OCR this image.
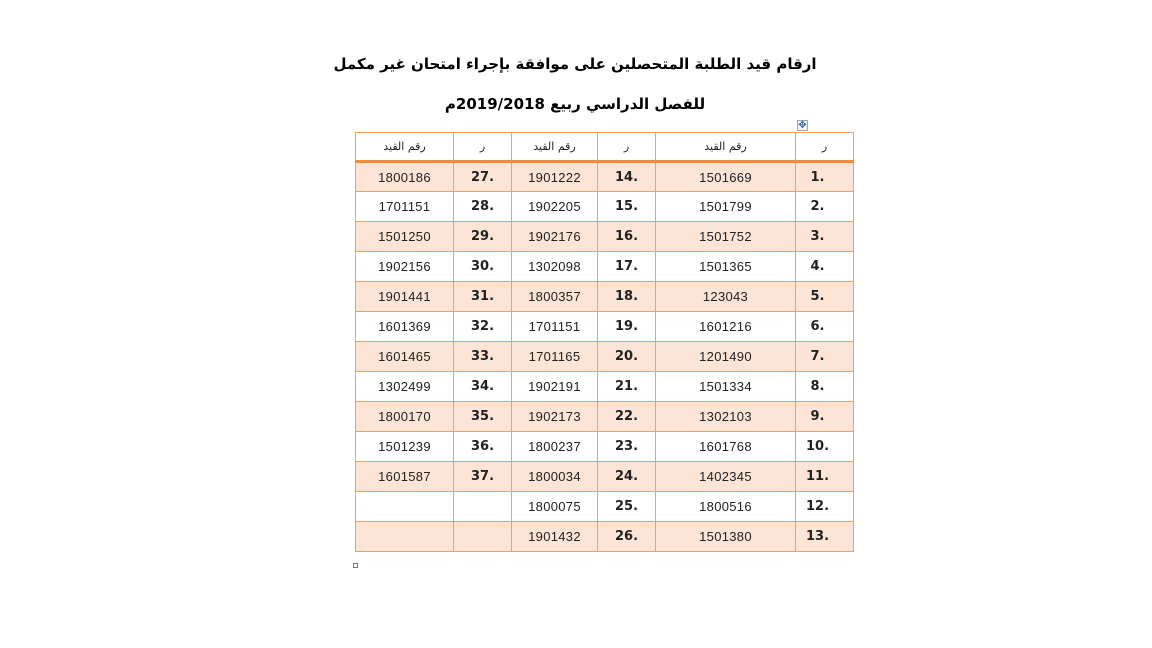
ارقام قيد الطلبة المتحصلين على موافقة بإجراء امتحان غير مكمل
للفصل الدراسي ربيع 2019/2018م
✥
ر	رقم القيد	ر	رقم القيد	ر	رقم القيد
.1	1501669	.14	1901222	.27	1800186
.2	1501799	.15	1902205	.28	1701151
.3	1501752	.16	1902176	.29	1501250
.4	1501365	.17	1302098	.30	1902156
.5	123043	.18	1800357	.31	1901441
.6	1601216	.19	1701151	.32	1601369
.7	1201490	.20	1701165	.33	1601465
.8	1501334	.21	1902191	.34	1302499
.9	1302103	.22	1902173	.35	1800170
.10	1601768	.23	1800237	.36	1501239
.11	1402345	.24	1800034	.37	1601587
.12	1800516	.25	1800075		
.13	1501380	.26	1901432		
